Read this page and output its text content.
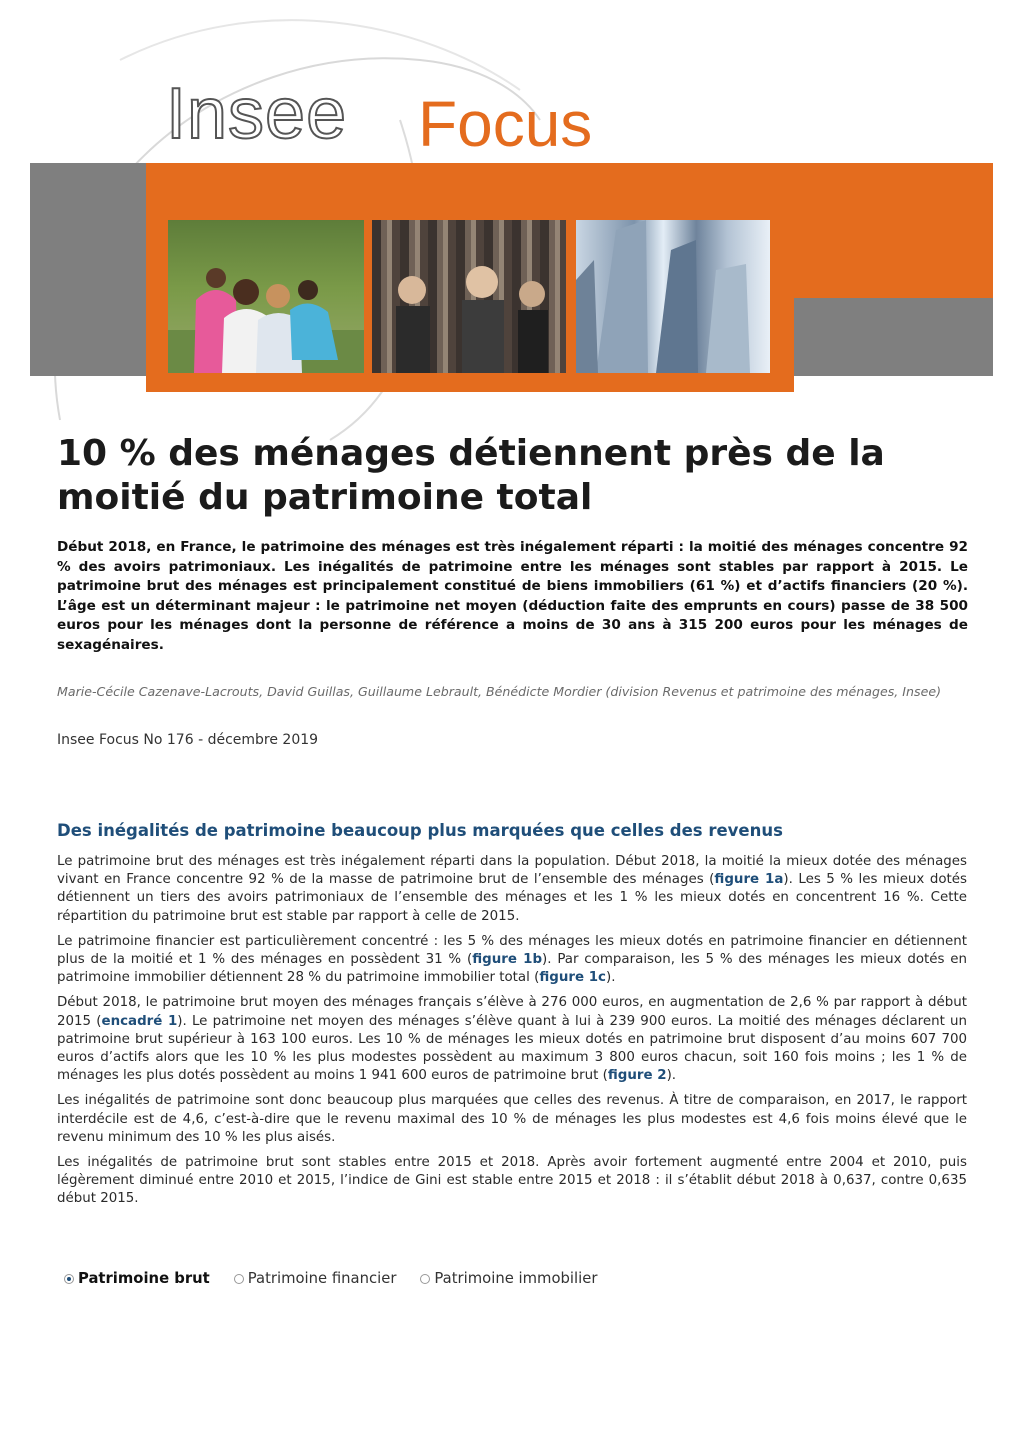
Insee Focus
10 % des ménages détiennent près de la moitié du patrimoine total

Début 2018, en France, le patrimoine des ménages est très inégalement réparti : la moitié des ménages concentre 92 % des avoirs patrimoniaux. Les inégalités de patrimoine entre les ménages sont stables par rapport à 2015. Le patrimoine brut des ménages est principalement constitué de biens immobiliers (61 %) et d’actifs financiers (20 %). L’âge est un déterminant majeur : le patrimoine net moyen (déduction faite des emprunts en cours) passe de 38 500 euros pour les ménages dont la personne de référence a moins de 30 ans à 315 200 euros pour les ménages de sexagénaires.

Marie-Cécile Cazenave-Lacrouts, David Guillas, Guillaume Lebrault, Bénédicte Mordier (division Revenus et patrimoine des ménages, Insee)

Insee Focus No 176 - décembre 2019
Des inégalités de patrimoine beaucoup plus marquées que celles des revenus

Le patrimoine brut des ménages est très inégalement réparti dans la population. Début 2018, la moitié la mieux dotée des ménages vivant en France concentre 92 % de la masse de patrimoine brut de l’ensemble des ménages (figure 1a). Les 5 % les mieux dotés détiennent un tiers des avoirs patrimoniaux de l’ensemble des ménages et les 1 % les mieux dotés en concentrent 16 %. Cette répartition du patrimoine brut est stable par rapport à celle de 2015.

Le patrimoine financier est particulièrement concentré : les 5 % des ménages les mieux dotés en patrimoine financier en détiennent plus de la moitié et 1 % des ménages en possèdent 31 % (figure 1b). Par comparaison, les 5 % des ménages les mieux dotés en patrimoine immobilier détiennent 28 % du patrimoine immobilier total (figure 1c).

Début 2018, le patrimoine brut moyen des ménages français s’élève à 276 000 euros, en augmentation de 2,6 % par rapport à début 2015 (encadré 1). Le patrimoine net moyen des ménages s’élève quant à lui à 239 900 euros. La moitié des ménages déclarent un patrimoine brut supérieur à 163 100 euros. Les 10 % de ménages les mieux dotés en patrimoine brut disposent d’au moins 607 700 euros d’actifs alors que les 10 % les plus modestes possèdent au maximum 3 800 euros chacun, soit 160 fois moins ; les 1 % de ménages les plus dotés possèdent au moins 1 941 600 euros de patrimoine brut (figure 2).

Les inégalités de patrimoine sont donc beaucoup plus marquées que celles des revenus. À titre de comparaison, en 2017, le rapport interdécile est de 4,6, c’est-à-dire que le revenu maximal des 10 % de ménages les plus modestes est 4,6 fois moins élevé que le revenu minimum des 10 % les plus aisés.

Les inégalités de patrimoine brut sont stables entre 2015 et 2018. Après avoir fortement augmenté entre 2004 et 2010, puis légèrement diminué entre 2010 et 2015, l’indice de Gini est stable entre 2015 et 2018 : il s’établit début 2018 à 0,637, contre 0,635 début 2015.

Patrimoine brut	Patrimoine financier	Patrimoine immobilier
